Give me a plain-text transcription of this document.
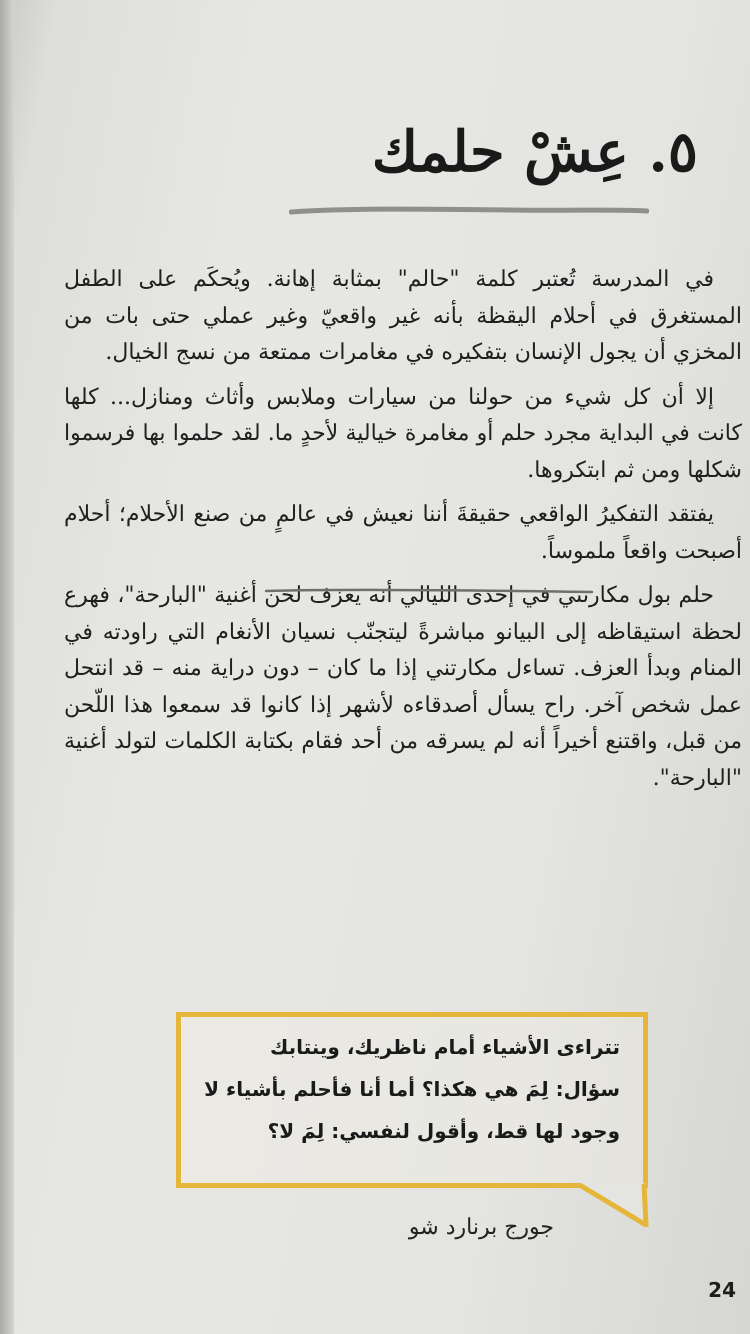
٥. عِشْ حلمك

في المدرسة تُعتبر كلمة "حالم" بمثابة إهانة. ويُحكَم على الطفل المستغرق في أحلام اليقظة بأنه غير واقعيّ وغير عملي حتى بات من المخزي أن يجول الإنسان بتفكيره في مغامرات ممتعة من نسج الخيال.

إلا أن كل شيء من حولنا من سيارات وملابس وأثاث ومنازل... كلها كانت في البداية مجرد حلم أو مغامرة خيالية لأحدٍ ما. لقد حلموا بها فرسموا شكلها ومن ثم ابتكروها.

يفتقد التفكيرُ الواقعي حقيقةَ أننا نعيش في عالمٍ من صنع الأحلام؛ أحلام أصبحت واقعاً ملموساً.

حلم بول مكارتني في إحدى الليالي أنه يعزف لحن أغنية "البارحة"، فهرع لحظة استيقاظه إلى البيانو مباشرةً ليتجنّب نسيان الأنغام التي راودته في المنام وبدأ العزف. تساءل مكارتني إذا ما كان – دون دراية منه – قد انتحل عمل شخص آخر. راح يسأل أصدقاءه لأشهر إذا كانوا قد سمعوا هذا اللّحن من قبل، واقتنع أخيراً أنه لم يسرقه من أحد فقام بكتابة الكلمات لتولد أغنية "البارحة".

تتراءى الأشياء أمام ناظريك، وينتابك سؤال: لِمَ هي هكذا؟ أما أنا فأحلم بأشياء لا وجود لها قط، وأقول لنفسي: لِمَ لا؟
جورج برنارد شو
24
